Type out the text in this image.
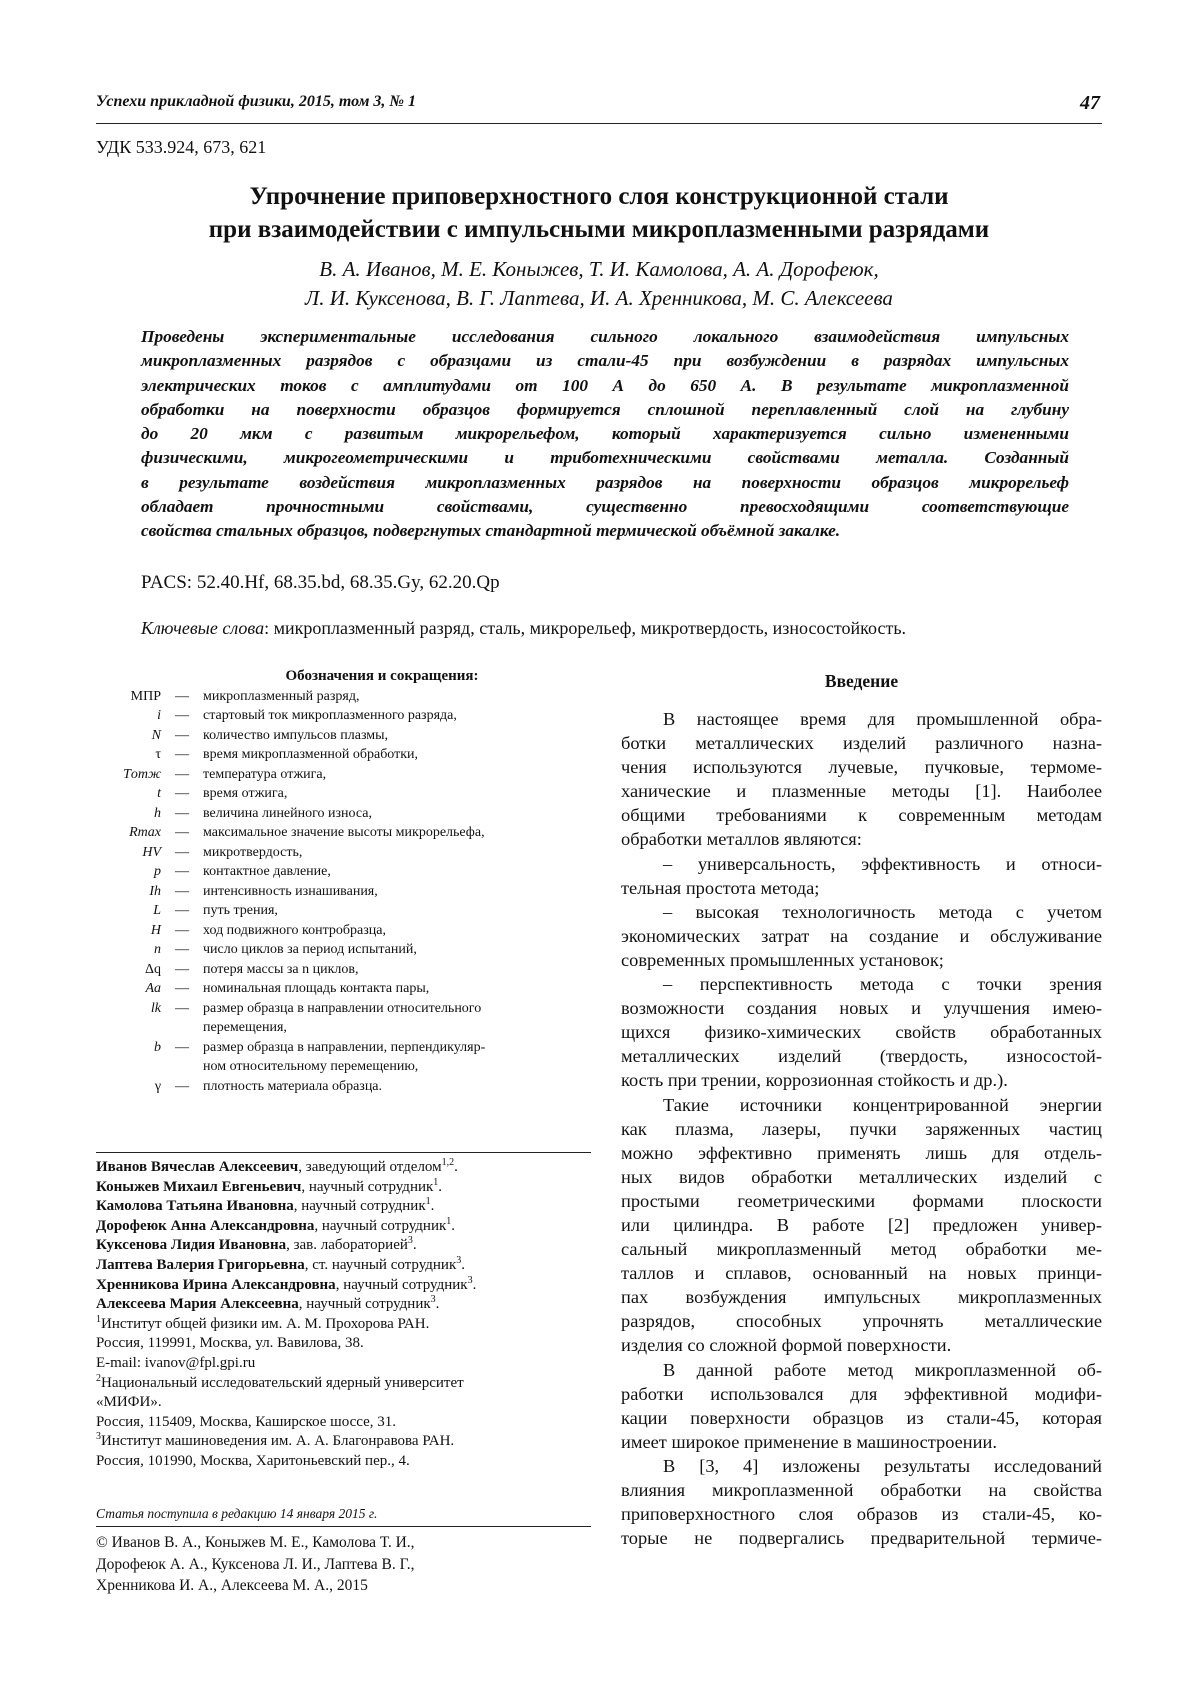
Успехи прикладной физики, 2015, том 3, № 1	47
УДК 533.924, 673, 621
Упрочнение приповерхностного слоя конструкционной стали
при взаимодействии с импульсными микроплазменными разрядами
В. А. Иванов, М. Е. Коныжев, Т. И. Камолова, А. А. Дорофеюк,
Л. И. Куксенова, В. Г. Лаптева, И. А. Хренникова, М. С. Алексеева

Проведены экспериментальные исследования сильного локального взаимодействия импульсных

микроплазменных разрядов с образцами из стали-45 при возбуждении в разрядах импульсных

электрических токов с амплитудами от 100 А до 650 А. В результате микроплазменной

обработки на поверхности образцов формируется сплошной переплавленный слой на глубину

до 20 мкм с развитым микрорельефом, который характеризуется сильно измененными

физическими, микрогеометрическими и триботехническими свойствами металла. Созданный

в результате воздействия микроплазменных разрядов на поверхности образцов микрорельеф

обладает прочностными свойствами, существенно превосходящими соответствующие

свойства стальных образцов, подвергнутых стандартной термической объёмной закалке.

PACS: 52.40.Hf, 68.35.bd, 68.35.Gy, 62.20.Qp
Ключевые слова: микроплазменный разряд, сталь, микрорельеф, микротвердость, износостойкость.
Обозначения и сокращения:
МПР	—	микроплазменный разряд,
i	—	стартовый ток микроплазменного разряда,
N	—	количество импульсов плазмы,
τ	—	время микроплазменной обработки,
Tотж	—	температура отжига,
t	—	время отжига,
h	—	величина линейного износа,
Rmax	—	максимальное значение высоты микрорельефа,
HV	—	микротвердость,
p	—	контактное давление,
Ih	—	интенсивность изнашивания,
L	—	путь трения,
H	—	ход подвижного контробразца,
n	—	число циклов за период испытаний,
Δq	—	потеря массы за n циклов,
Aa	—	номинальная площадь контакта пары,
lk	—	размер образца в направлении относительного
перемещения,
b	—	размер образца в направлении, перпендикуляр-
ном относительному перемещению,
γ	—	плотность материала образца.
Иванов Вячеслав Алексеевич, заведующий отделом$^{1,2}$.
Коныжев Михаил Евгеньевич, научный сотрудник$^1$.
Камолова Татьяна Ивановна, научный сотрудник$^1$.
Дорофеюк Анна Александровна, научный сотрудник$^1$.
Куксенова Лидия Ивановна, зав. лабораторией$^3$.
Лаптева Валерия Григорьевна, ст. научный сотрудник$^3$.
Хренникова Ирина Александровна, научный сотрудник$^3$.
Алексеева Мария Алексеевна, научный сотрудник$^3$.
$^1$Институт общей физики им. А. М. Прохорова РАН.
Россия, 119991, Москва, ул. Вавилова, 38.
E-mail: ivanov@fpl.gpi.ru
$^2$Национальный исследовательский ядерный университет
«МИФИ».
Россия, 115409, Москва, Каширское шоссе, 31.
$^3$Институт машиноведения им. А. А. Благонравова РАН.
Россия, 101990, Москва, Харитоньевский пер., 4.
Статья поступила в редакцию 14 января 2015 г.
© Иванов В. А., Коныжев М. Е., Камолова Т. И.,
Дорофеюк А. А., Куксенова Л. И., Лаптева В. Г.,
Хренникова И. А., Алексеева М. А., 2015
Введение

В настоящее время для промышленной обра-

ботки металлических изделий различного назна-

чения используются лучевые, пучковые, термоме-

ханические и плазменные методы [1]. Наиболее

общими требованиями к современным методам

обработки металлов являются:

– универсальность, эффективность и относи-

тельная простота метода;

– высокая технологичность метода с учетом

экономических затрат на создание и обслуживание

современных промышленных установок;

– перспективность метода с точки зрения

возможности создания новых и улучшения имею-

щихся физико-химических свойств обработанных

металлических изделий (твердость, износостой-

кость при трении, коррозионная стойкость и др.).

Такие источники концентрированной энергии

как плазма, лазеры, пучки заряженных частиц

можно эффективно применять лишь для отдель-

ных видов обработки металлических изделий с

простыми геометрическими формами плоскости

или цилиндра. В работе [2] предложен универ-

сальный микроплазменный метод обработки ме-

таллов и сплавов, основанный на новых принци-

пах возбуждения импульсных микроплазменных

разрядов, способных упрочнять металлические

изделия со сложной формой поверхности.

В данной работе метод микроплазменной об-

работки использовался для эффективной модифи-

кации поверхности образцов из стали-45, которая

имеет широкое применение в машиностроении.

В [3, 4] изложены результаты исследований

влияния микроплазменной обработки на свойства

приповерхностного слоя образов из стали-45, ко-

торые не подвергались предварительной термиче-
